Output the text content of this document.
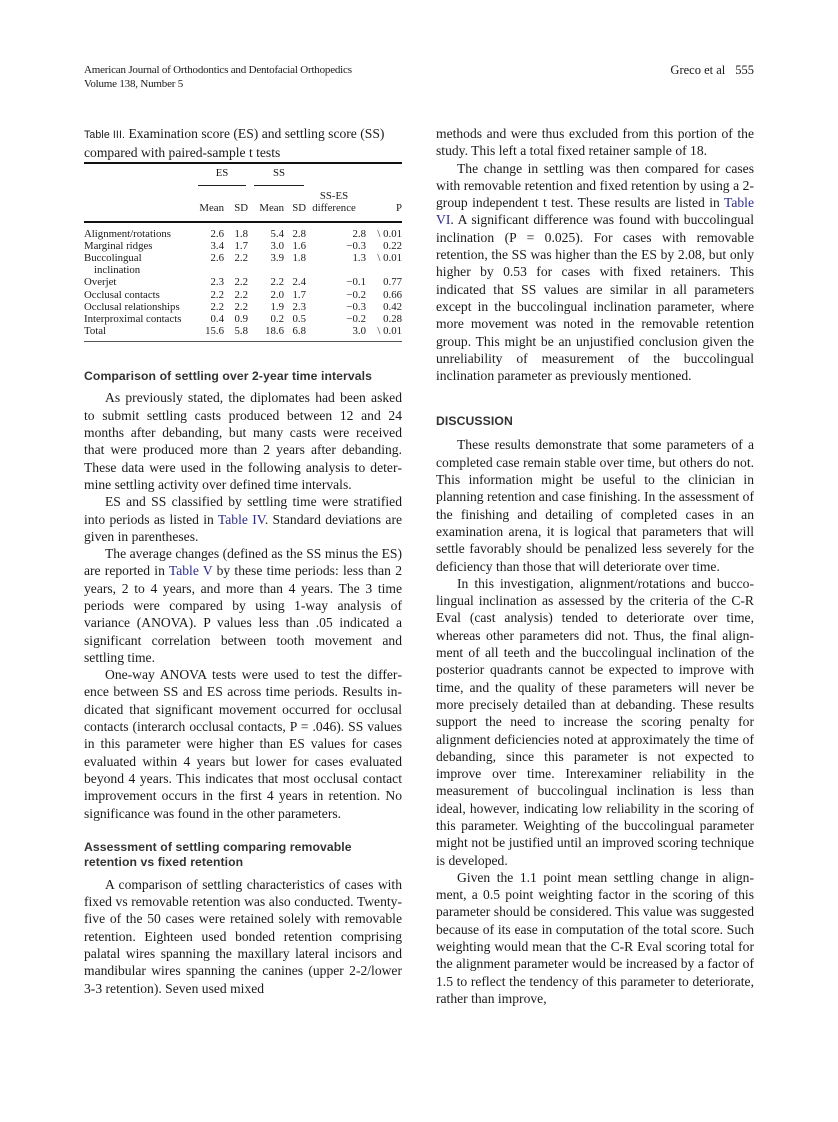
American Journal of Orthodontics and Dentofacial Orthopedics
Volume 138, Number 5
Greco et al 555
Table III. Examination score (ES) and settling score (SS) compared with paired-sample t tests

	ES		SS			

					SS-ES	
	Mean	SD	Mean	SD	difference	P
Alignment/rotations	2.6	1.8	5.4	2.8	2.8	\ 0.01
Marginal ridges	3.4	1.7	3.0	1.6	−0.3	0.22
Buccolingual
inclination	2.6	2.2	3.9	1.8	1.3	\ 0.01
Overjet	2.3	2.2	2.2	2.4	−0.1	0.77
Occlusal contacts	2.2	2.2	2.0	1.7	−0.2	0.66
Occlusal relationships	2.2	2.2	1.9	2.3	−0.3	0.42
Interproximal contacts	0.4	0.9	0.2	0.5	−0.2	0.28
Total	15.6	5.8	18.6	6.8	3.0	\ 0.01
Comparison of settling over 2-year time intervals

As previously stated, the diplomates had been asked to submit settling casts produced between 12 and 24 months after debanding, but many casts were received that were produced more than 2 years after debanding. These data were used in the following analysis to determine settling activity over defined time intervals.

ES and SS classified by settling time were stratified into periods as listed in Table IV. Standard deviations are given in parentheses.

The average changes (defined as the SS minus the ES) are reported in Table V by these time periods: less than 2 years, 2 to 4 years, and more than 4 years. The 3 time periods were compared by using 1-way analysis of variance (ANOVA). P values less than .05 indicated a significant correlation between tooth movement and settling time.

One-way ANOVA tests were used to test the difference between SS and ES across time periods. Results indicated that significant movement occurred for occlusal contacts (interarch occlusal contacts, P = .046). SS values in this parameter were higher than ES values for cases evaluated within 4 years but lower for cases evaluated beyond 4 years. This indicates that most occlusal contact improvement occurs in the first 4 years in retention. No significance was found in the other parameters.

Assessment of settling comparing removable retention vs fixed retention

A comparison of settling characteristics of cases with fixed vs removable retention was also conducted. Twenty-five of the 50 cases were retained solely with removable retention. Eighteen used bonded retention comprising palatal wires spanning the maxillary lateral incisors and mandibular wires spanning the canines (upper 2-2/lower 3-3 retention). Seven used mixed

methods and were thus excluded from this portion of the study. This left a total fixed retainer sample of 18.

The change in settling was then compared for cases with removable retention and fixed retention by using a 2-group independent t test. These results are listed in Table VI. A significant difference was found with buccolingual inclination (P = 0.025). For cases with removable retention, the SS was higher than the ES by 2.08, but only higher by 0.53 for cases with fixed retainers. This indicated that SS values are similar in all parameters except in the buccolingual inclination parameter, where more movement was noted in the removable retention group. This might be an unjustified conclusion given the unreliability of measurement of the buccolingual inclination parameter as previously mentioned.

DISCUSSION

These results demonstrate that some parameters of a completed case remain stable over time, but others do not. This information might be useful to the clinician in planning retention and case finishing. In the assessment of the finishing and detailing of completed cases in an examination arena, it is logical that parameters that will settle favorably should be penalized less severely for the deficiency than those that will deteriorate over time.

In this investigation, alignment/rotations and buccolingual inclination as assessed by the criteria of the C-R Eval (cast analysis) tended to deteriorate over time, whereas other parameters did not. Thus, the final alignment of all teeth and the buccolingual inclination of the posterior quadrants cannot be expected to improve with time, and the quality of these parameters will never be more precisely detailed than at debanding. These results support the need to increase the scoring penalty for alignment deficiencies noted at approximately the time of debanding, since this parameter is not expected to improve over time. Interexaminer reliability in the measurement of buccolingual inclination is less than ideal, however, indicating low reliability in the scoring of this parameter. Weighting of the buccolingual parameter might not be justified until an improved scoring technique is developed.

Given the 1.1 point mean settling change in alignment, a 0.5 point weighting factor in the scoring of this parameter should be considered. This value was suggested because of its ease in computation of the total score. Such weighting would mean that the C-R Eval scoring total for the alignment parameter would be increased by a factor of 1.5 to reflect the tendency of this parameter to deteriorate, rather than improve,
